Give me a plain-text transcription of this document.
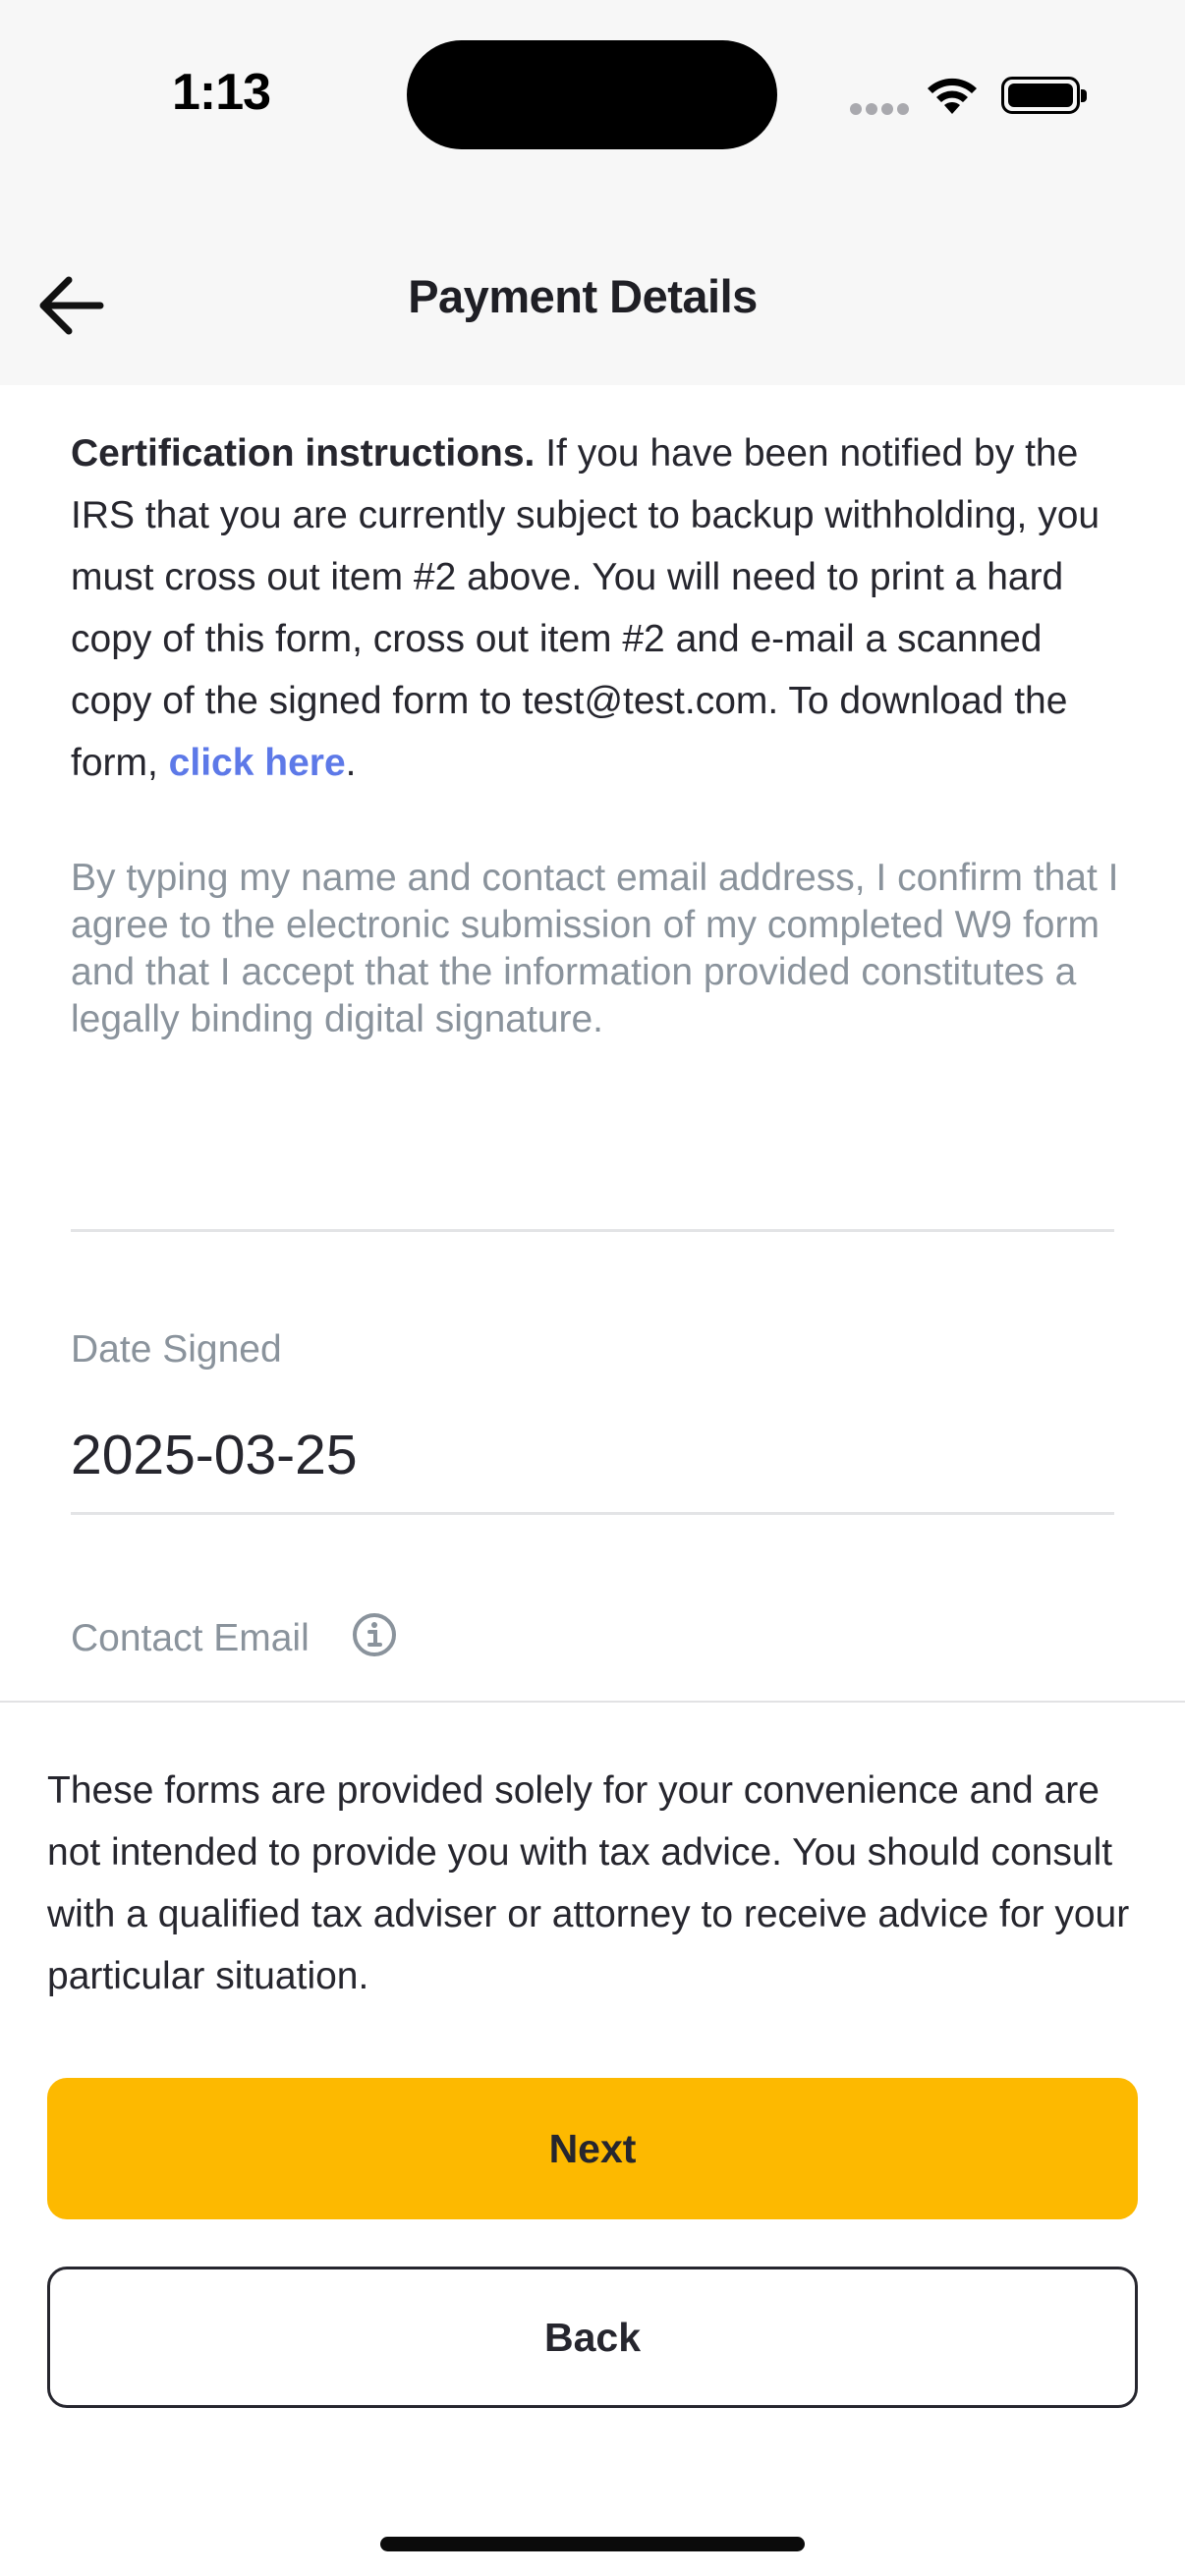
1:13
Payment Details

Certification instructions. If you have been notified by the IRS that you are currently subject to backup withholding, you must cross out item #2 above. You will need to print a hard copy of this form, cross out item #2 and e-mail a scanned copy of the signed form to test@test.com. To download the form, click here.

By typing my name and contact email address, I confirm that I agree to the electronic submission of my completed W9 form and that I accept that the information provided constitutes a legally binding digital signature.

Date Signed
2025-03-25
Contact Email

These forms are provided solely for your convenience and are not intended to provide you with tax advice. You should consult with a qualified tax adviser or attorney to receive advice for your particular situation.

Next
Back
